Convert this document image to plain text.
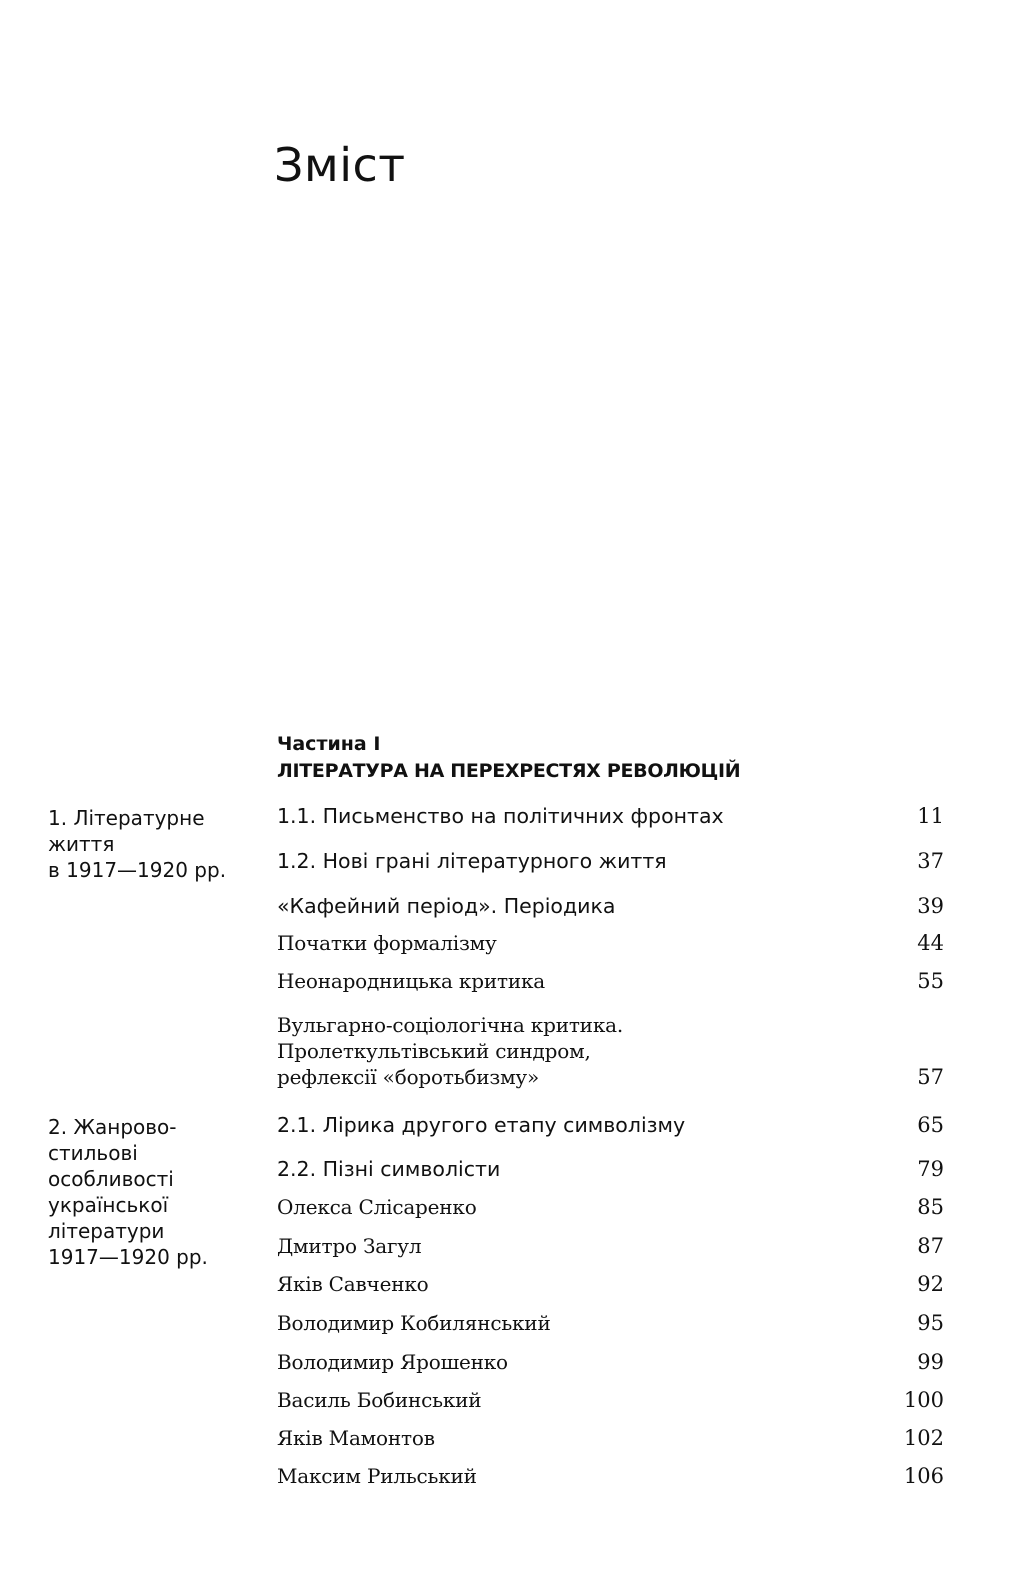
Зміст
Частина І
ЛІТЕРАТУРА НА ПЕРЕХРЕСТЯХ РЕВОЛЮЦІЙ
1. Літературне
життя
в 1917—1920 рр.
2. Жанрово-
стильові
особливості
української
літератури
1917—1920 рр.
1.1. Письменство на політичних фронтах	11
1.2. Нові грані літературного життя	37
«Кафейний період». Періодика	39
Початки формалізму	44
Неонародницька критика	55
Вульгарно-соціологічна критика.
Пролеткультівський синдром,
рефлексії «боротьбизму»	57
2.1. Лірика другого етапу символізму	65
2.2. Пізні символісти	79
Олекса Слісаренко	85
Дмитро Загул	87
Яків Савченко	92
Володимир Кобилянський	95
Володимир Ярошенко	99
Василь Бобинський	100
Яків Мамонтов	102
Максим Рильський	106
